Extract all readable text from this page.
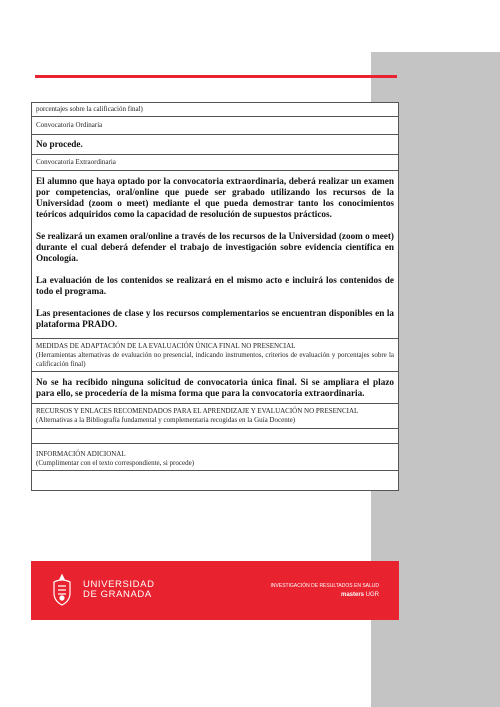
porcentajes sobre la calificación final)
Convocatoria Ordinaria

No procede.

Convocatoria Extraordinaria

El alumno que haya optado por la convocatoria extraordinaria, deberá realizar un examen por competencias, oral/online que puede ser grabado utilizando los recursos de la Universidad (zoom o meet) mediante el que pueda demostrar tanto los conocimientos teóricos adquiridos como la capacidad de resolución de supuestos prácticos.

Se realizará un examen oral/online a través de los recursos de la Universidad (zoom o meet) durante el cual deberá defender el trabajo de investigación sobre evidencia científica en Oncología.

La evaluación de los contenidos se realizará en el mismo acto e incluirá los contenidos de todo el programa.

Las presentaciones de clase y los recursos complementarios se encuentran disponibles en la plataforma PRADO.

MEDIDAS DE ADAPTACIÓN DE LA EVALUACIÓN ÚNICA FINAL NO PRESENCIAL
(Herramientas alternativas de evaluación no presencial, indicando instrumentos, criterios de evaluación y porcentajes sobre la calificación final)
No se ha recibido ninguna solicitud de convocatoria única final. Si se ampliara el plazo para ello, se procedería de la misma forma que para la convocatoria extraordinaria.
RECURSOS Y ENLACES RECOMENDADOS PARA EL APRENDIZAJE Y EVALUACIÓN NO PRESENCIAL
(Alternativas a la Bibliografía fundamental y complementaria recogidas en la Guía Docente)
INFORMACIÓN ADICIONAL
(Cumplimentar con el texto correspondiente, si procede)
UNIVERSIDAD
DE GRANADA
INVESTIGACIÓN DE RESULTADOS EN SALUD
masters UGR
